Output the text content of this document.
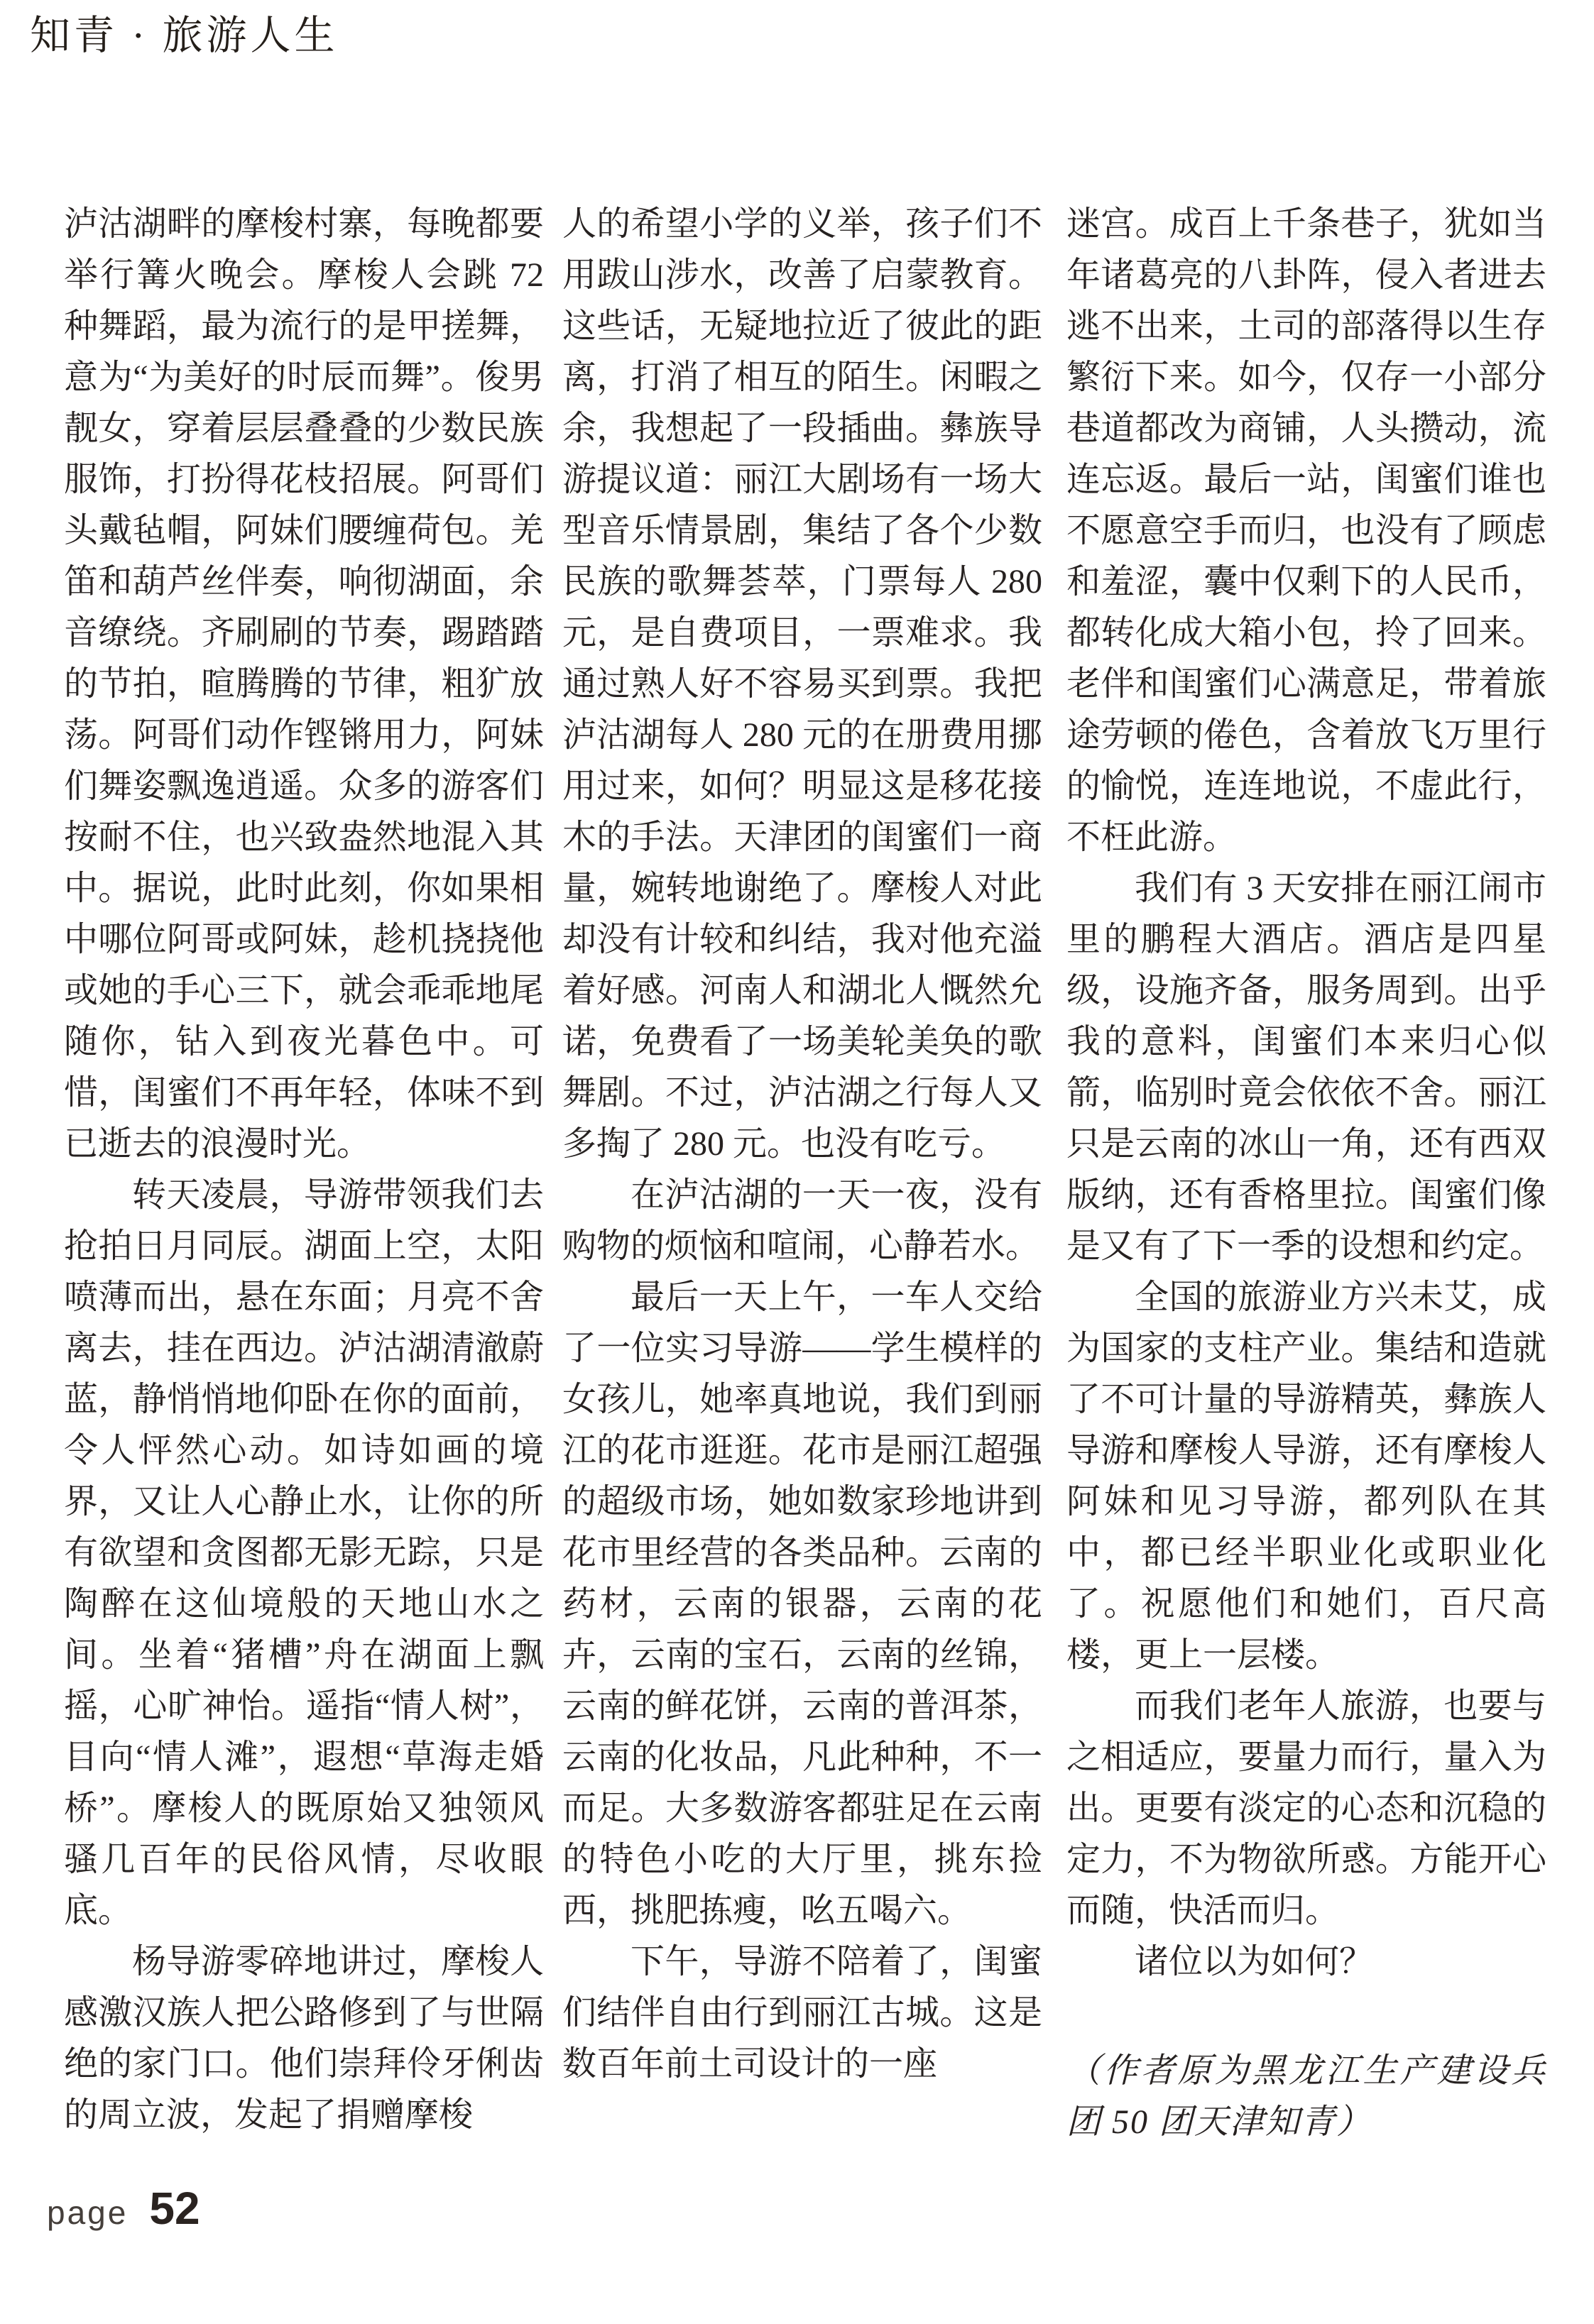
知青 · 旅游人生

泸沽湖畔的摩梭村寨，每晚都要举行篝火晚会。摩梭人会跳 72 种舞蹈，最为流行的是甲搓舞，意为“为美好的时辰而舞”。俊男靓女，穿着层层叠叠的少数民族服饰，打扮得花枝招展。阿哥们头戴毡帽，阿妹们腰缠荷包。羌笛和葫芦丝伴奏，响彻湖面，余音缭绕。齐刷刷的节奏，踢踏踏的节拍，暄腾腾的节律，粗犷放荡。阿哥们动作铿锵用力，阿妹们舞姿飘逸逍遥。众多的游客们按耐不住，也兴致盎然地混入其中。据说，此时此刻，你如果相中哪位阿哥或阿妹，趁机挠挠他或她的手心三下，就会乖乖地尾随你，钻入到夜光暮色中。可惜，闺蜜们不再年轻，体味不到已逝去的浪漫时光。

转天凌晨，导游带领我们去抢拍日月同辰。湖面上空，太阳喷薄而出，悬在东面；月亮不舍离去，挂在西边。泸沽湖清澈蔚蓝，静悄悄地仰卧在你的面前，令人怦然心动。如诗如画的境界，又让人心静止水，让你的所有欲望和贪图都无影无踪，只是陶醉在这仙境般的天地山水之间。坐着“猪槽”舟在湖面上飘摇，心旷神怡。遥指“情人树”，目向“情人滩”，遐想“草海走婚桥”。摩梭人的既原始又独领风骚几百年的民俗风情，尽收眼底。

杨导游零碎地讲过，摩梭人感激汉族人把公路修到了与世隔绝的家门口。他们崇拜伶牙俐齿的周立波，发起了捐赠摩梭

人的希望小学的义举，孩子们不用跋山涉水，改善了启蒙教育。这些话，无疑地拉近了彼此的距离，打消了相互的陌生。闲暇之余，我想起了一段插曲。彝族导游提议道：丽江大剧场有一场大型音乐情景剧，集结了各个少数民族的歌舞荟萃，门票每人 280 元，是自费项目，一票难求。我通过熟人好不容易买到票。我把泸沽湖每人 280 元的在册费用挪用过来，如何？明显这是移花接木的手法。天津团的闺蜜们一商量，婉转地谢绝了。摩梭人对此却没有计较和纠结，我对他充溢着好感。河南人和湖北人慨然允诺，免费看了一场美轮美奂的歌舞剧。不过，泸沽湖之行每人又多掏了 280 元。也没有吃亏。

在泸沽湖的一天一夜，没有购物的烦恼和喧闹，心静若水。

最后一天上午，一车人交给了一位实习导游——学生模样的女孩儿，她率真地说，我们到丽江的花市逛逛。花市是丽江超强的超级市场，她如数家珍地讲到花市里经营的各类品种。云南的药材，云南的银器，云南的花卉，云南的宝石，云南的丝锦，云南的鲜花饼，云南的普洱茶，云南的化妆品，凡此种种，不一而足。大多数游客都驻足在云南的特色小吃的大厅里，挑东捡西，挑肥拣瘦，吆五喝六。

下午，导游不陪着了，闺蜜们结伴自由行到丽江古城。这是数百年前土司设计的一座

迷宫。成百上千条巷子，犹如当年诸葛亮的八卦阵，侵入者进去逃不出来，土司的部落得以生存繁衍下来。如今，仅存一小部分巷道都改为商铺，人头攒动，流连忘返。最后一站，闺蜜们谁也不愿意空手而归，也没有了顾虑和羞涩，囊中仅剩下的人民币，都转化成大箱小包，拎了回来。老伴和闺蜜们心满意足，带着旅途劳顿的倦色，含着放飞万里行的愉悦，连连地说，不虚此行，不枉此游。

我们有 3 天安排在丽江闹市里的鹏程大酒店。酒店是四星级，设施齐备，服务周到。出乎我的意料，闺蜜们本来归心似箭，临别时竟会依依不舍。丽江只是云南的冰山一角，还有西双版纳，还有香格里拉。闺蜜们像是又有了下一季的设想和约定。

全国的旅游业方兴未艾，成为国家的支柱产业。集结和造就了不可计量的导游精英，彝族人导游和摩梭人导游，还有摩梭人阿妹和见习导游，都列队在其中，都已经半职业化或职业化了。祝愿他们和她们，百尺高楼，更上一层楼。

而我们老年人旅游，也要与之相适应，要量力而行，量入为出。更要有淡定的心态和沉稳的定力，不为物欲所惑。方能开心而随，快活而归。

诸位以为如何？

（作者原为黑龙江生产建设兵团 50 团天津知青）

page 52
